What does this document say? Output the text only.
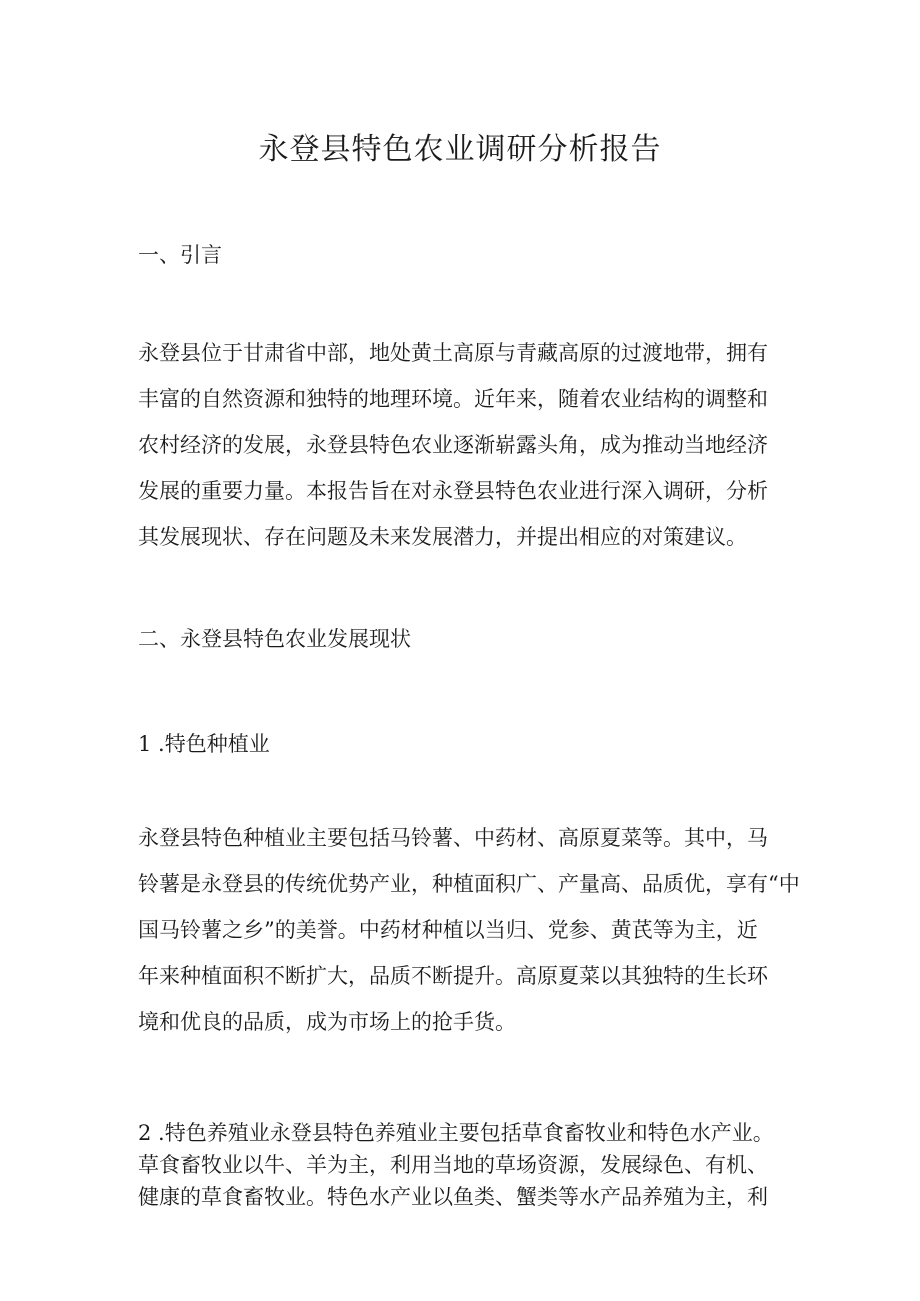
永登县特色农业调研分析报告
一、引言
永登县位于甘肃省中部，地处黄土高原与青藏高原的过渡地带，拥有
丰富的自然资源和独特的地理环境。近年来，随着农业结构的调整和
农村经济的发展，永登县特色农业逐渐崭露头角，成为推动当地经济
发展的重要力量。本报告旨在对永登县特色农业进行深入调研，分析
其发展现状、存在问题及未来发展潜力，并提出相应的对策建议。
二、永登县特色农业发展现状
1 .特色种植业
永登县特色种植业主要包括马铃薯、中药材、高原夏菜等。其中，马
铃薯是永登县的传统优势产业，种植面积广、产量高、品质优，享有“中
国马铃薯之乡”的美誉。中药材种植以当归、党参、黄芪等为主，近
年来种植面积不断扩大，品质不断提升。高原夏菜以其独特的生长环
境和优良的品质，成为市场上的抢手货。
2 .特色养殖业永登县特色养殖业主要包括草食畜牧业和特色水产业。
草食畜牧业以牛、羊为主，利用当地的草场资源，发展绿色、有机、
健康的草食畜牧业。特色水产业以鱼类、蟹类等水产品养殖为主，利
